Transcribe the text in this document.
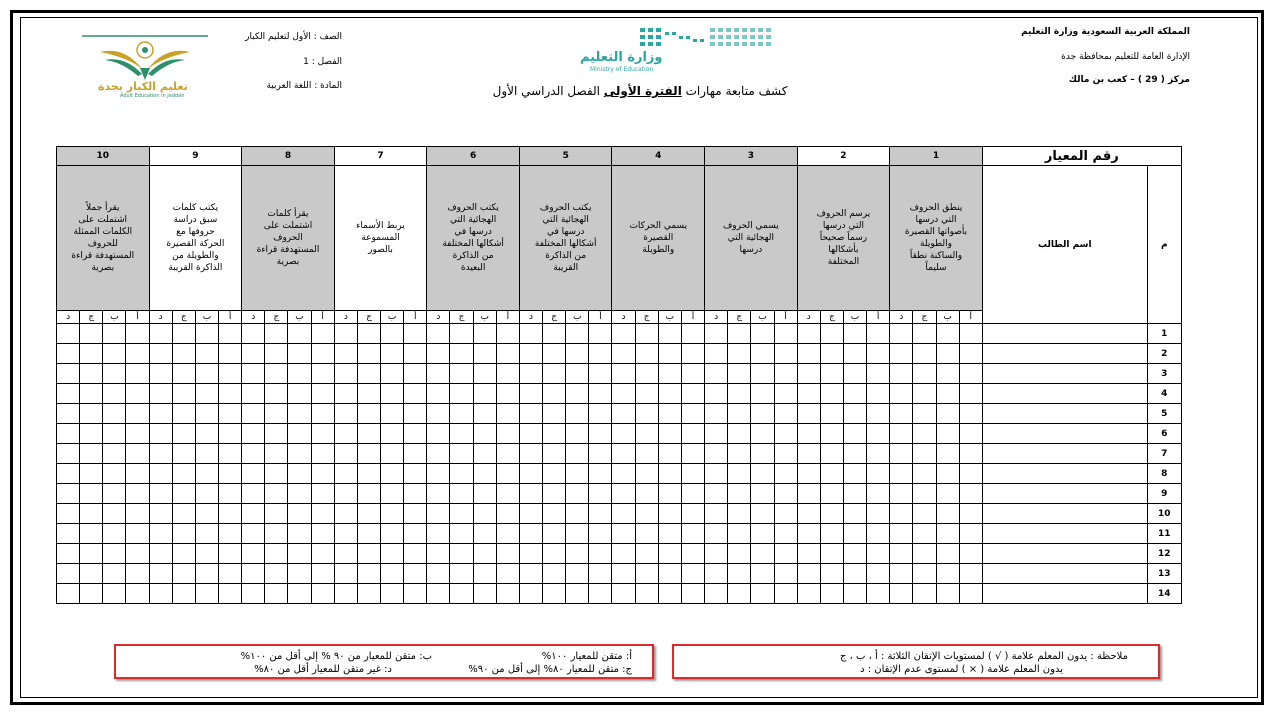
المملكة العربية السعودية وزارة التعليم
الإدارة العامة للتعليم بمحافظة جدة
مركز ( 29 ) – كعب بن مالك
الصف : الأول لتعليم الكبار
الفصل : 1
المادة : اللغة العربية
تعليم الكبار بجدة
Adult Education in Jeddah
وزارة التعليم
Ministry of Education
كشف متابعة مهارات الفترة الأولى الفصل الدراسي الأول
رقم المعيار		1				2				3				4				5				6				7				8				9				10			
م	اسم الطالب	ينطق الحروف التي درسها بأصواتها القصيرة والطويلة والساكنة نطقاً سليماً				يرسم الحروف التي درسها رسماً صحيحاً بأشكالها المختلفة				يسمي الحروف الهجائية التي درسها				يسمي الحركات القصيرة والطويلة				يكتب الحروف الهجائية التي درسها في أشكالها المختلفة من الذاكرة القريبة				يكتب الحروف الهجائية التي درسها في أشكالها المختلفة من الذاكرة البعيدة				يربط الأسماء المسموعة بالصور				يقرأ كلمات اشتملت على الحروف المستهدفة قراءة بصرية				يكتب كلمات سبق دراسة حروفها مع الحركة القصيرة والطويلة من الذاكرة القريبة				يقرأ جملاً اشتملت على الكلمات الممثلة للحروف المستهدفة قراءة بصرية			
		أ	ب	ج	د	أ	ب	ج	د	أ	ب	ج	د	أ	ب	ج	د	أ	ب	ج	د	أ	ب	ج	د	أ	ب	ج	د	أ	ب	ج	د	أ	ب	ج	د	أ	ب	ج	د
1																																									
2																																									
3																																									
4																																									
5																																									
6																																									
7																																									
8																																									
9																																									
10																																									
11																																									
12																																									
13																																									
14																																									
ملاحظة : يدون المعلم علامة ( √ ) لمستويات الإتقان الثلاثة : أ ، ب ، ج
يدون المعلم علامة ( × ) لمستوى عدم الإتقان : د
أ: متقن للمعيار ١٠٠%
ب: متقن للمعيار من ٩٠ % إلى أقل من ١٠٠%
ج: متقن للمعيار ٨٠% إلى أقل من ٩٠%
د: غير متقن للمعيار أقل من ٨٠%
